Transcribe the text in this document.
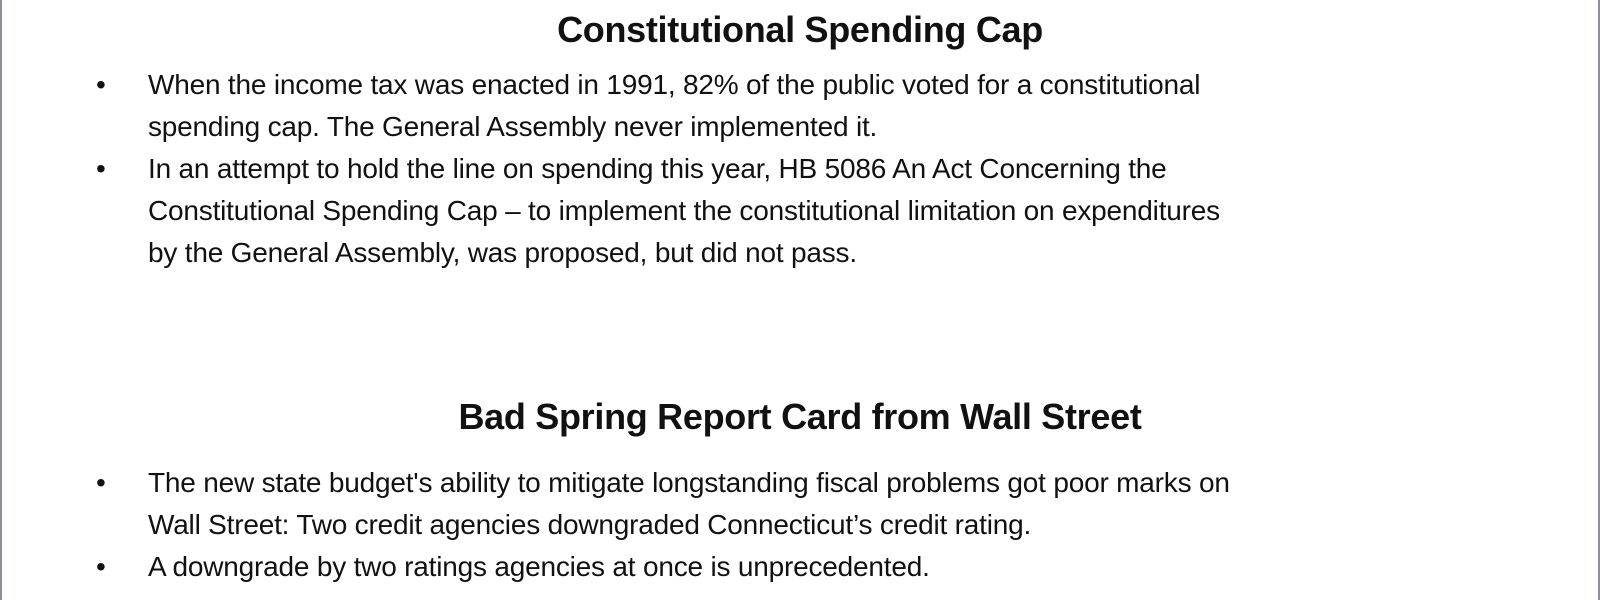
Constitutional Spending Cap
• When the income tax was enacted in 1991, 82% of the public voted for a constitutional
spending cap. The General Assembly never implemented it.
• In an attempt to hold the line on spending this year, HB 5086 An Act Concerning the
Constitutional Spending Cap – to implement the constitutional limitation on expenditures
by the General Assembly, was proposed, but did not pass.
Bad Spring Report Card from Wall Street
• The new state budget's ability to mitigate longstanding fiscal problems got poor marks on
Wall Street: Two credit agencies downgraded Connecticut’s credit rating.
• A downgrade by two ratings agencies at once is unprecedented.
